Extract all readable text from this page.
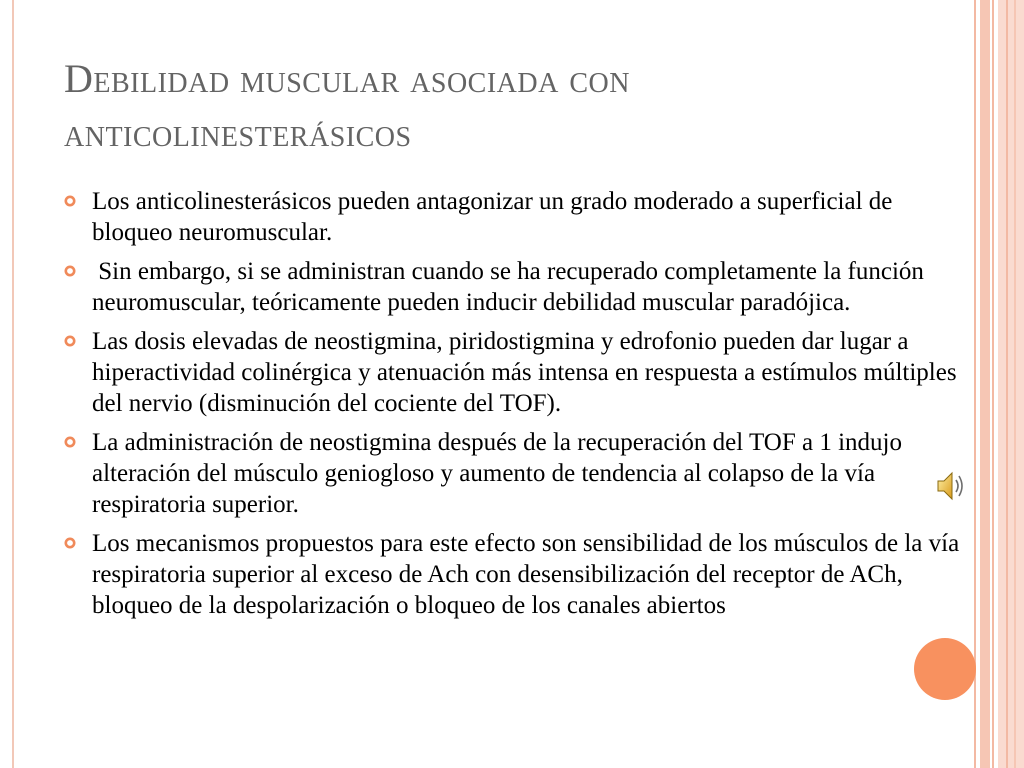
Debilidad muscular asociada con anticolinesterásicos
Los anticolinesterásicos pueden antagonizar un grado moderado a superficial de bloqueo neuromuscular.
Sin embargo, si se administran cuando se ha recuperado completamente la función neuromuscular, teóricamente pueden inducir debilidad muscular paradójica.
Las dosis elevadas de neostigmina, piridostigmina y edrofonio pueden dar lugar a hiperactividad colinérgica y atenuación más intensa en respuesta a estímulos múltiples del nervio (disminución del cociente del TOF).
La administración de neostigmina después de la recuperación del TOF a 1 indujo alteración del músculo geniogloso y aumento de tendencia al colapso de la vía respiratoria superior.
Los mecanismos propuestos para este efecto son sensibilidad de los músculos de la vía respiratoria superior al exceso de Ach con desensibilización del receptor de ACh, bloqueo de la despolarización o bloqueo de los canales abiertos
